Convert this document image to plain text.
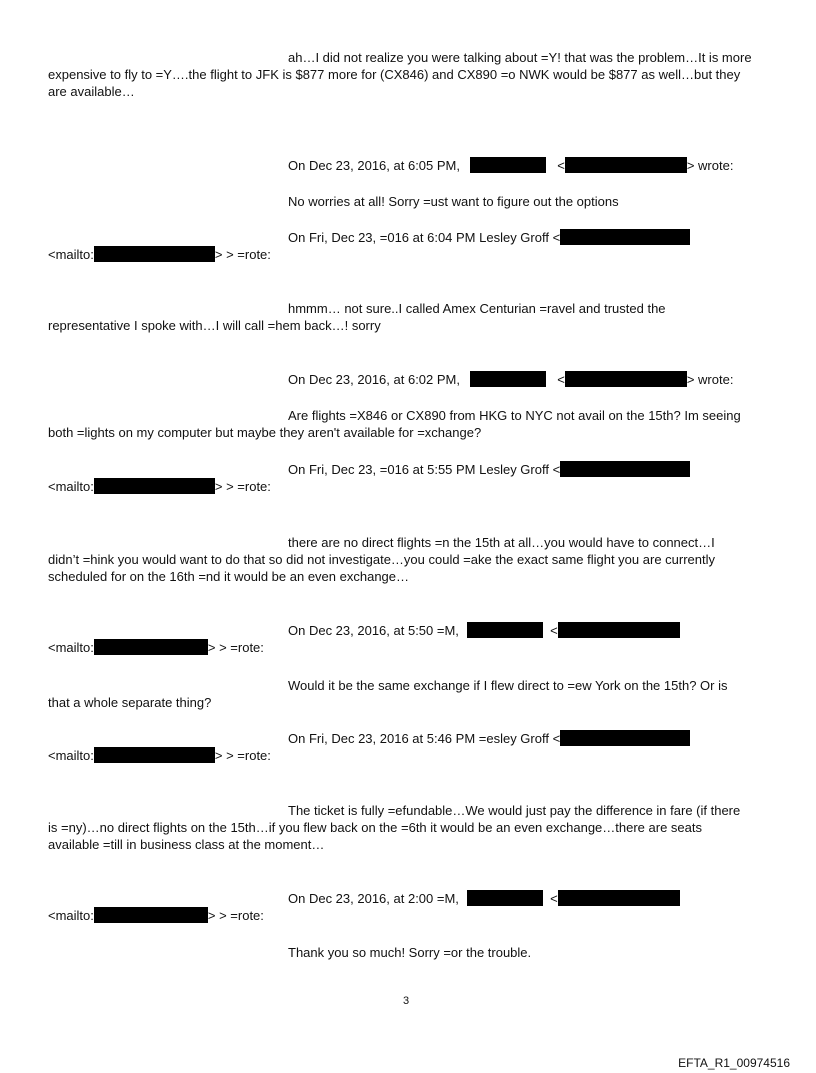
ah…I did not realize you were talking about =Y! that was the problem…It is more
expensive to fly to =Y….the flight to JFK is $877 more for (CX846) and CX890 =o NWK would be $877 as well…but they
are available…
On Dec 23, 2016, at 6:05 PM,	<	> wrote:
No worries at all! Sorry =ust want to figure out the options
On Fri, Dec 23, =016 at 6:04 PM Lesley Groff <
<mailto:	> > =rote:
hmmm… not sure..I called Amex Centurian =ravel and trusted the
representative I spoke with…I will call =hem back…! sorry
On Dec 23, 2016, at 6:02 PM,	<	> wrote:
Are flights =X846 or CX890 from HKG to NYC not avail on the 15th? Im seeing
both =lights on my computer but maybe they aren't available for =xchange?
On Fri, Dec 23, =016 at 5:55 PM Lesley Groff <
<mailto:	> > =rote:
there are no direct flights =n the 15th at all…you would have to connect…I
didn’t =hink you would want to do that so did not investigate…you could =ake the exact same flight you are currently
scheduled for on the 16th =nd it would be an even exchange…
On Dec 23, 2016, at 5:50 =M,	<
<mailto:	> > =rote:
Would it be the same exchange if I flew direct to =ew York on the 15th? Or is
that a whole separate thing?
On Fri, Dec 23, 2016 at 5:46 PM =esley Groff <
<mailto:	> > =rote:
The ticket is fully =efundable…We would just pay the difference in fare (if there
is =ny)…no direct flights on the 15th…if you flew back on the =6th it would be an even exchange…there are seats
available =till in business class at the moment…
On Dec 23, 2016, at 2:00 =M,	<
<mailto:	> > =rote:
Thank you so much! Sorry =or the trouble.
3
EFTA_R1_00974516
